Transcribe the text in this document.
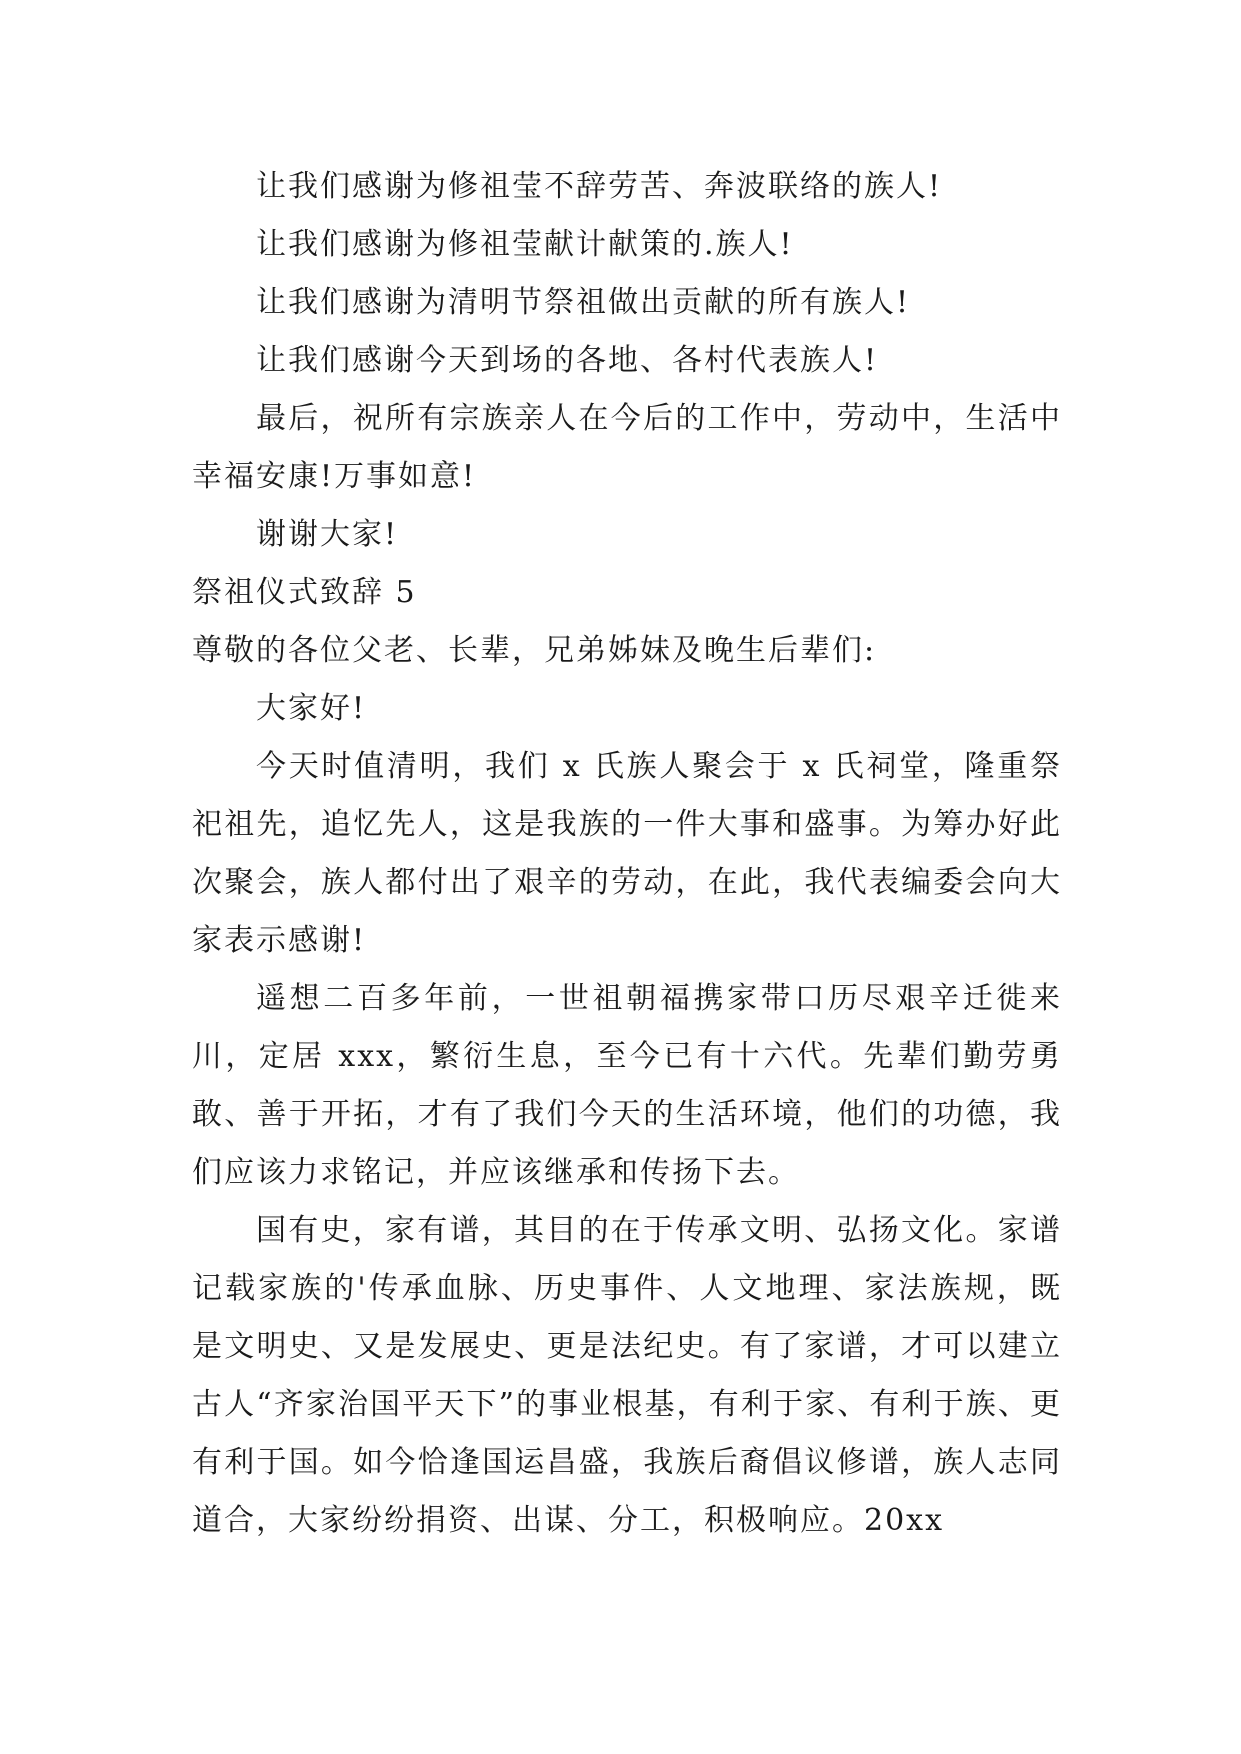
让我们感谢为修祖莹不辞劳苦、奔波联络的族人!

让我们感谢为修祖莹献计献策的.族人!

让我们感谢为清明节祭祖做出贡献的所有族人!

让我们感谢今天到场的各地、各村代表族人!

最后，祝所有宗族亲人在今后的工作中，劳动中，生活中幸福安康!万事如意!

谢谢大家!

祭祖仪式致辞 5

尊敬的各位父老、长辈，兄弟姊妹及晚生后辈们:

大家好!

今天时值清明，我们 x 氏族人聚会于 x 氏祠堂，隆重祭祀祖先，追忆先人，这是我族的一件大事和盛事。为筹办好此次聚会，族人都付出了艰辛的劳动，在此，我代表编委会向大家表示感谢!

遥想二百多年前，一世祖朝福携家带口历尽艰辛迁徙来川，定居 xxx，繁衍生息，至今已有十六代。先辈们勤劳勇敢、善于开拓，才有了我们今天的生活环境，他们的功德，我们应该力求铭记，并应该继承和传扬下去。

国有史，家有谱，其目的在于传承文明、弘扬文化。家谱记载家族的'传承血脉、历史事件、人文地理、家法族规，既是文明史、又是发展史、更是法纪史。有了家谱，才可以建立古人“齐家治国平天下”的事业根基，有利于家、有利于族、更有利于国。如今恰逢国运昌盛，我族后裔倡议修谱，族人志同道合，大家纷纷捐资、出谋、分工，积极响应。20xx
